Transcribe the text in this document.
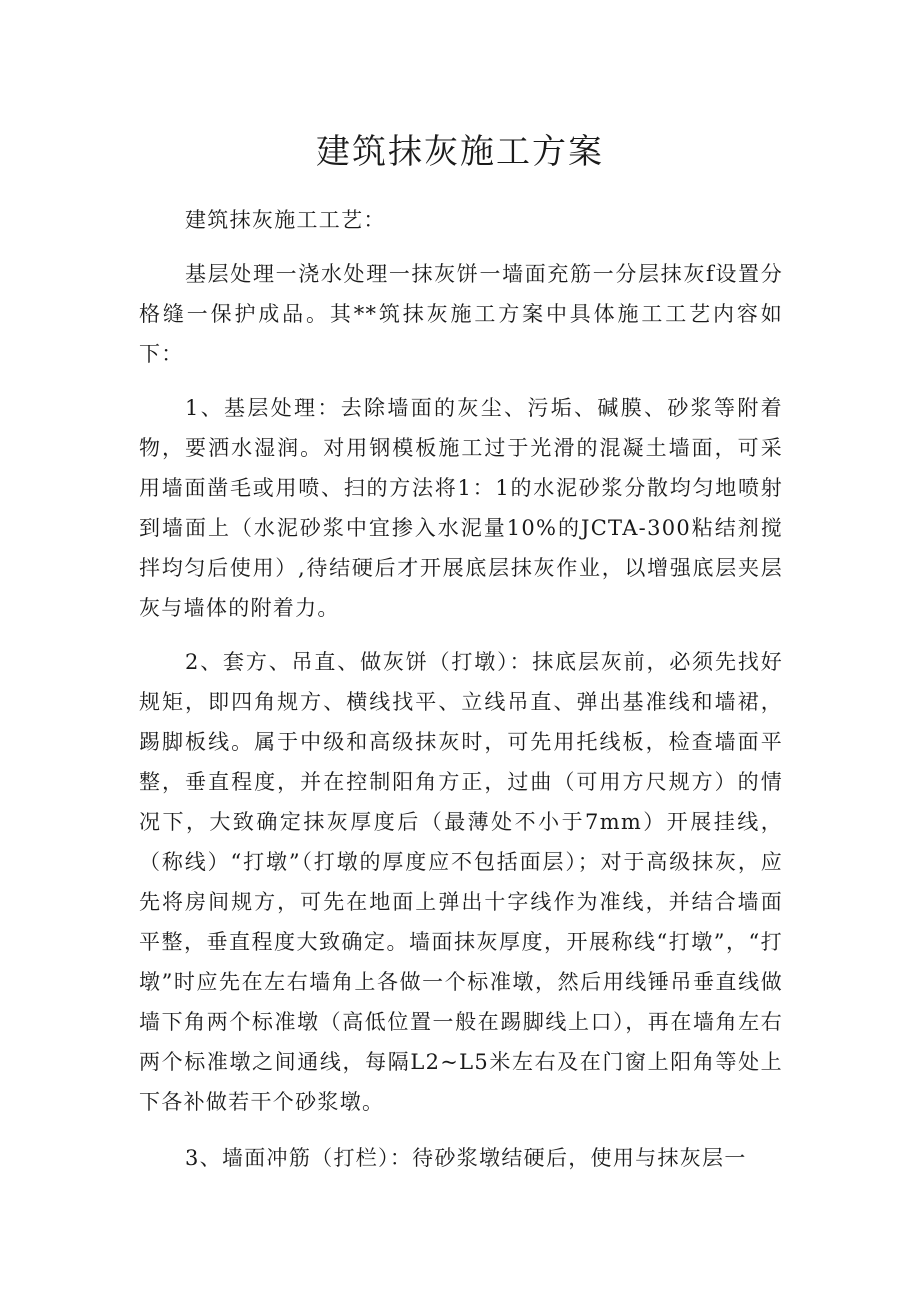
建筑抹灰施工方案

建筑抹灰施工工艺：

基层处理一浇水处理一抹灰饼一墙面充筋一分层抹灰f设置分格缝一保护成品。其**筑抹灰施工方案中具体施工工艺内容如下：

1、基层处理：去除墙面的灰尘、污垢、碱膜、砂浆等附着物，要洒水湿润。对用钢模板施工过于光滑的混凝土墙面，可采用墙面凿毛或用喷、扫的方法将1：1的水泥砂浆分散均匀地喷射到墙面上（水泥砂浆中宜掺入水泥量10%的JCTA-300粘结剂搅拌均匀后使用）,待结硬后才开展底层抹灰作业，以增强底层夹层灰与墙体的附着力。

2、套方、吊直、做灰饼（打墩）：抹底层灰前，必须先找好规矩，即四角规方、横线找平、立线吊直、弹出基准线和墙裙，踢脚板线。属于中级和高级抹灰时，可先用托线板，检查墙面平整，垂直程度，并在控制阳角方正，过曲（可用方尺规方）的情况下，大致确定抹灰厚度后（最薄处不小于7mm）开展挂线，（称线）“打墩”（打墩的厚度应不包括面层）；对于高级抹灰，应先将房间规方，可先在地面上弹出十字线作为准线，并结合墙面平整，垂直程度大致确定。墙面抹灰厚度，开展称线“打墩”，“打墩”时应先在左右墙角上各做一个标准墩，然后用线锤吊垂直线做墙下角两个标准墩（高低位置一般在踢脚线上口），再在墙角左右两个标准墩之间通线，每隔L2~L5米左右及在门窗上阳角等处上下各补做若干个砂浆墩。

3、墙面冲筋（打栏）：待砂浆墩结硬后，使用与抹灰层一
